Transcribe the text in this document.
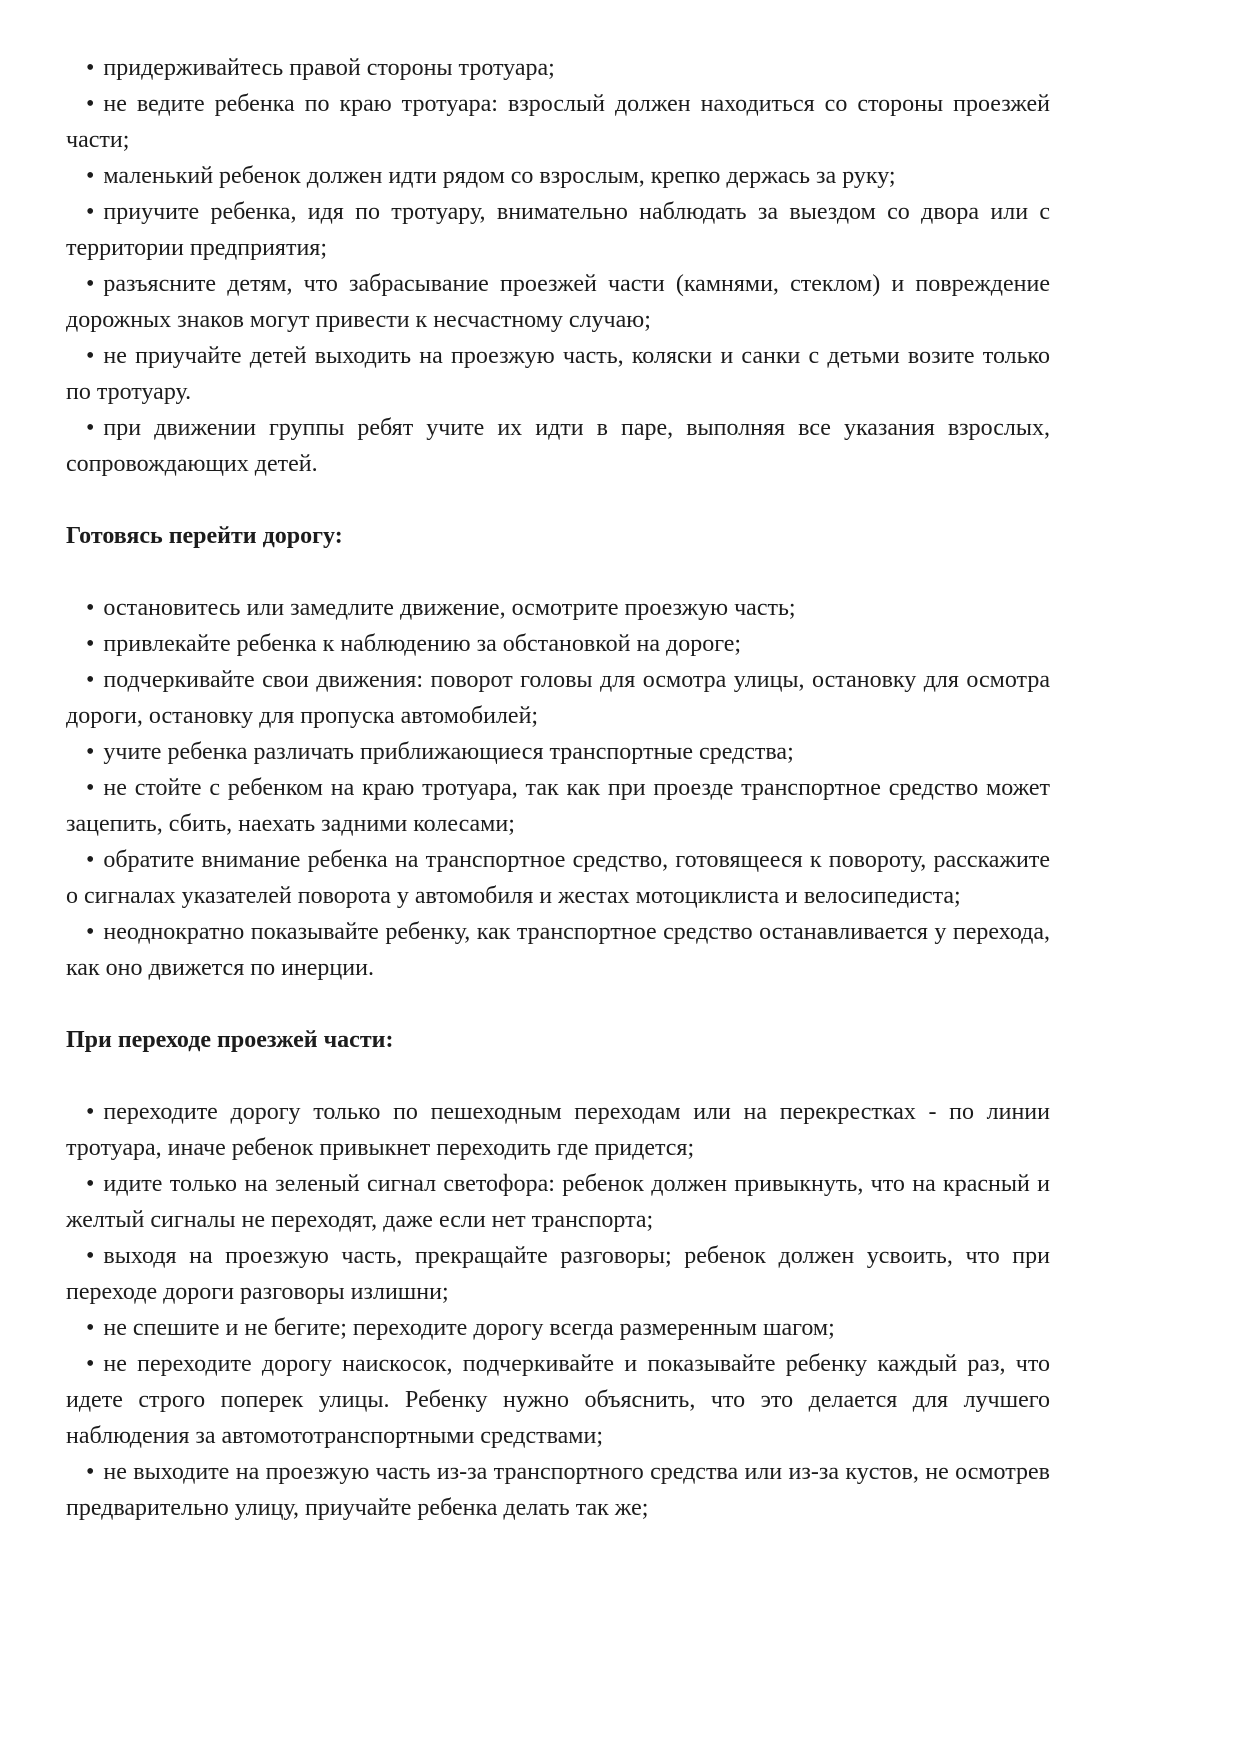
• придерживайтесь правой стороны тротуара;

• не ведите ребенка по краю тротуара: взрослый должен находиться со стороны проезжей части;

• маленький ребенок должен идти рядом со взрослым, крепко держась за руку;

• приучите ребенка, идя по тротуару, внимательно наблюдать за выездом со двора или с территории предприятия;

• разъясните детям, что забрасывание проезжей части (камнями, стеклом) и повреждение дорожных знаков могут привести к несчастному случаю;

• не приучайте детей выходить на проезжую часть, коляски и санки с детьми возите только по тротуару.

• при движении группы ребят учите их идти в паре, выполняя все указания взрослых, сопровождающих детей.

Готовясь перейти дорогу:

• остановитесь или замедлите движение, осмотрите проезжую часть;

• привлекайте ребенка к наблюдению за обстановкой на дороге;

• подчеркивайте свои движения: поворот головы для осмотра улицы, остановку для осмотра дороги, остановку для пропуска автомобилей;

• учите ребенка различать приближающиеся транспортные средства;

• не стойте с ребенком на краю тротуара, так как при проезде транспортное средство может зацепить, сбить, наехать задними колесами;

• обратите внимание ребенка на транспортное средство, готовящееся к повороту, расскажите о сигналах указателей поворота у автомобиля и жестах мотоциклиста и велосипедиста;

• неоднократно показывайте ребенку, как транспортное средство останавливается у перехода, как оно движется по инерции.

При переходе проезжей части:

• переходите дорогу только по пешеходным переходам или на перекрестках - по линии тротуара, иначе ребенок привыкнет переходить где придется;

• идите только на зеленый сигнал светофора: ребенок должен привыкнуть, что на красный и желтый сигналы не переходят, даже если нет транспорта;

• выходя на проезжую часть, прекращайте разговоры; ребенок должен усвоить, что при переходе дороги разговоры излишни;

• не спешите и не бегите; переходите дорогу всегда размеренным шагом;

• не переходите дорогу наискосок, подчеркивайте и показывайте ребенку каждый раз, что идете строго поперек улицы. Ребенку нужно объяснить, что это делается для лучшего наблюдения за автомототранспортными средствами;

• не выходите на проезжую часть из-за транспортного средства или из-за кустов, не осмотрев предварительно улицу, приучайте ребенка делать так же;
